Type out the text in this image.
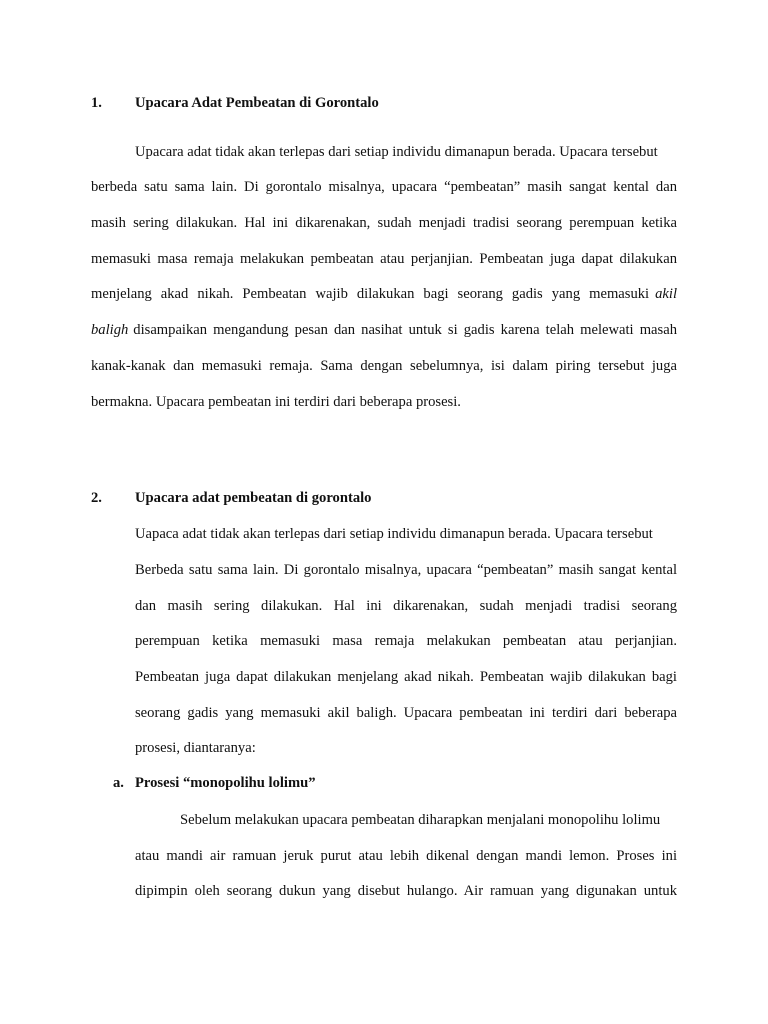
1. Upacara Adat Pembeatan di Gorontalo
Upacara adat tidak akan terlepas dari setiap individu dimanapun berada. Upacara tersebut
berbeda satu sama lain. Di gorontalo misalnya, upacara “pembeatan” masih sangat kental dan
masih sering dilakukan. Hal ini dikarenakan, sudah menjadi tradisi seorang perempuan ketika
memasuki masa remaja melakukan pembeatan atau perjanjian. Pembeatan juga dapat dilakukan
menjelang akad nikah. Pembeatan wajib dilakukan bagi seorang gadis yang memasuki akil
baligh disampaikan mengandung pesan dan nasihat untuk si gadis karena telah melewati masah
kanak-kanak dan memasuki remaja. Sama dengan sebelumnya, isi dalam piring tersebut juga
bermakna. Upacara pembeatan ini terdiri dari beberapa prosesi.
2. Upacara adat pembeatan di gorontalo
Uapaca adat tidak akan terlepas dari setiap individu dimanapun berada. Upacara tersebut
Berbeda satu sama lain. Di gorontalo misalnya, upacara “pembeatan” masih sangat kental
dan masih sering dilakukan. Hal ini dikarenakan, sudah menjadi tradisi seorang
perempuan ketika memasuki masa remaja melakukan pembeatan atau perjanjian.
Pembeatan juga dapat dilakukan menjelang akad nikah. Pembeatan wajib dilakukan bagi
seorang gadis yang memasuki akil baligh. Upacara pembeatan ini terdiri dari beberapa
prosesi, diantaranya:
a. Prosesi “monopolihu lolimu”
Sebelum melakukan upacara pembeatan diharapkan menjalani monopolihu lolimu
atau mandi air ramuan jeruk purut atau lebih dikenal dengan mandi lemon. Proses ini
dipimpin oleh seorang dukun yang disebut hulango. Air ramuan yang digunakan untuk
